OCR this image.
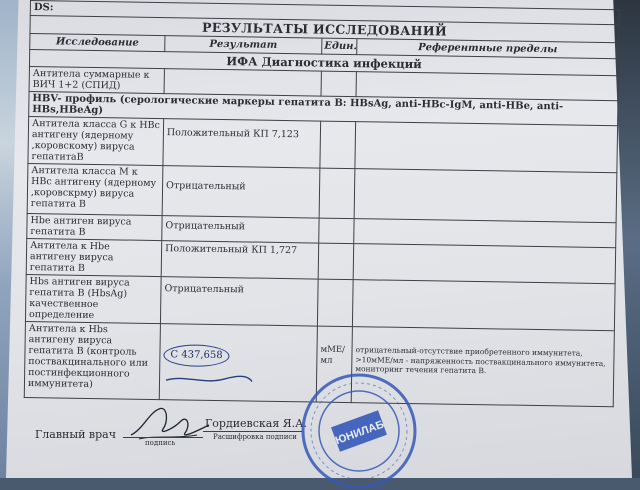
DS:			
РЕЗУЛЬТАТЫ ИССЛЕДОВАНИЙ			
Исследование	Результат	Един.	Референтные пределы
ИФА Диагностика инфекций			
Антитела суммарные к ВИЧ 1+2 (СПИД)			
HBV- профиль (серологические маркеры гепатита В: HBsAg, anti-HBc-IgM, anti-HBe, anti-HBs,HBeAg)			
Антитела класса G к HBc антигену (ядерному ,коровскому) вируса гепатитаВ	Положительный КП 7,123		
Антитела класса М к HBc антигену (ядерному ,коровскрму) вируса гепатита В	Отрицательный		
Hbe антиген вируса гепатита В	Отрицательный		
Антитела к Hbe антигену вируса гепатита В	Положительный КП 1,727		
Hbs антиген вируса гепатита В (HbsAg) качественное определение	Отрицательный		
Антитела к Hbs антигену вируса гепатита В (контроль поствакцинального или постинфекционного иммунитета)	С 437,658	мМЕ/мл	отрицательный-отсутствие приобретенного иммунитета, >10мМЕ/мл - напряженность поствакцинального иммунитета, мониторинг течения гепатита В.
Главный врач
подпись
Гордиевская Я.А.
Расшифровка подписи	ЮНИЛАБ
